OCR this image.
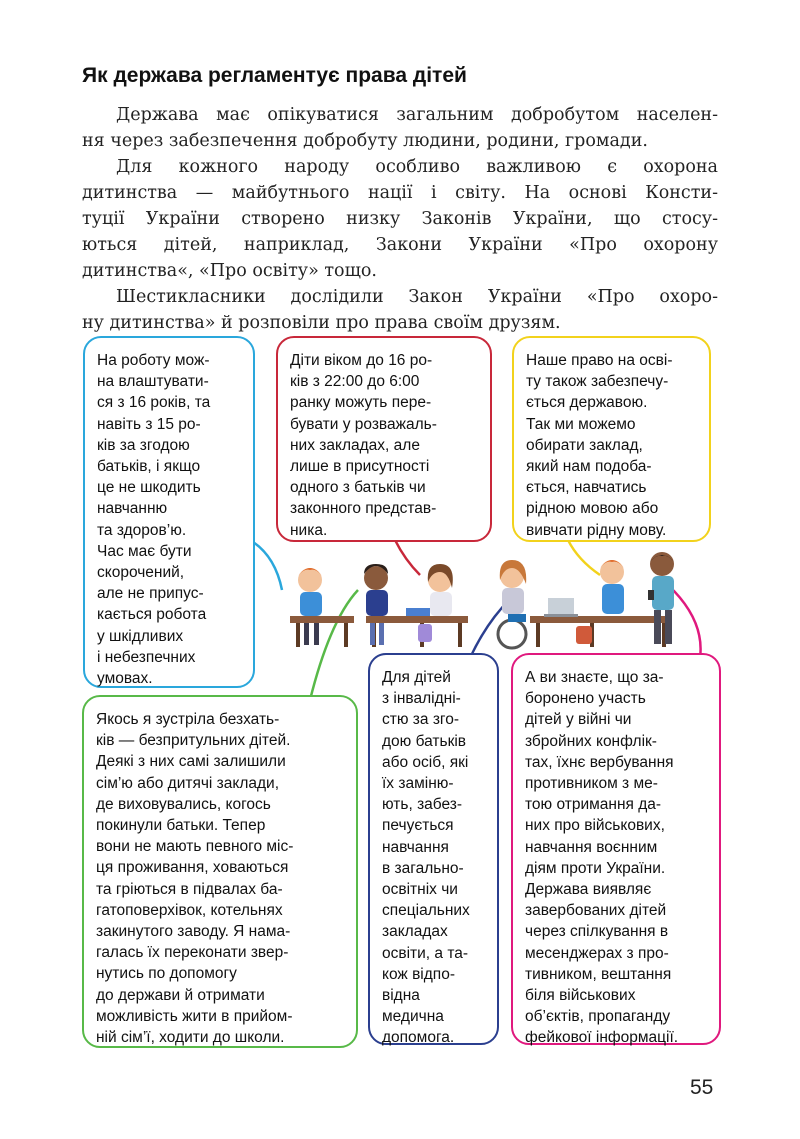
Як держава регламентує права дітей
Держава має опікуватися загальним добробутом населен-
ня через забезпечення добробуту людини, родини, громади.
Для кожного народу особливо важливою є охорона
дитинства — майбутнього нації і світу. На основі Консти-
туції України створено низку Законів України, що стосу-
ються дітей, наприклад, Закони України «Про охорону
дитинства«, «Про освіту» тощо.
Шестикласники дослідили Закон України «Про охоро-
ну дитинства» й розповіли про права своїм друзям.
На роботу мож-
на влаштувати-
ся з 16 років, та
навіть з 15 ро-
ків за згодою
батьків, і якщо
це не шкодить
навчанню
та здоров’ю.
Час має бути
скорочений,
але не припус-
кається робота
у шкідливих
і небезпечних
умовах.
Діти віком до 16 ро-
ків з 22:00 до 6:00
ранку можуть пере-
бувати у розважаль-
них закладах, але
лише в присутності
одного з батьків чи
законного представ-
ника.
Наше право на осві-
ту також забезпечу-
ється державою.
Так ми можемо
обирати заклад,
який нам подоба-
ється, навчатись
рідною мовою або
вивчати рідну мову.
Якось я зустріла безхать-
ків — безпритульних дітей.
Деякі з них самі залишили
сім’ю або дитячі заклади,
де виховувались, когось
покинули батьки. Тепер
вони не мають певного міс-
ця проживання, ховаються
та гріються в підвалах ба-
гатоповерхівок, котельнях
закинутого заводу. Я нама-
галась їх переконати звер-
нутись по допомогу
до держави й отримати
можливість жити в прийом-
ній сім’ї, ходити до школи.
Для дітей
з інвалідні-
стю за зго-
дою батьків
або осіб, які
їх заміню-
ють, забез-
печується
навчання
в загально-
освітніх чи
спеціальних
закладах
освіти, а та-
кож відпо-
відна
медична
допомога.
А ви знаєте, що за-
боронено участь
дітей у війні чи
збройних конфлік-
тах, їхнє вербування
противником з ме-
тою отримання да-
них про військових,
навчання воєнним
діям проти України.
Держава виявляє
завербованих дітей
через спілкування в
месенджерах з про-
тивником, вештання
біля військових
об’єктів, пропаганду
фейкової інформації.
55
